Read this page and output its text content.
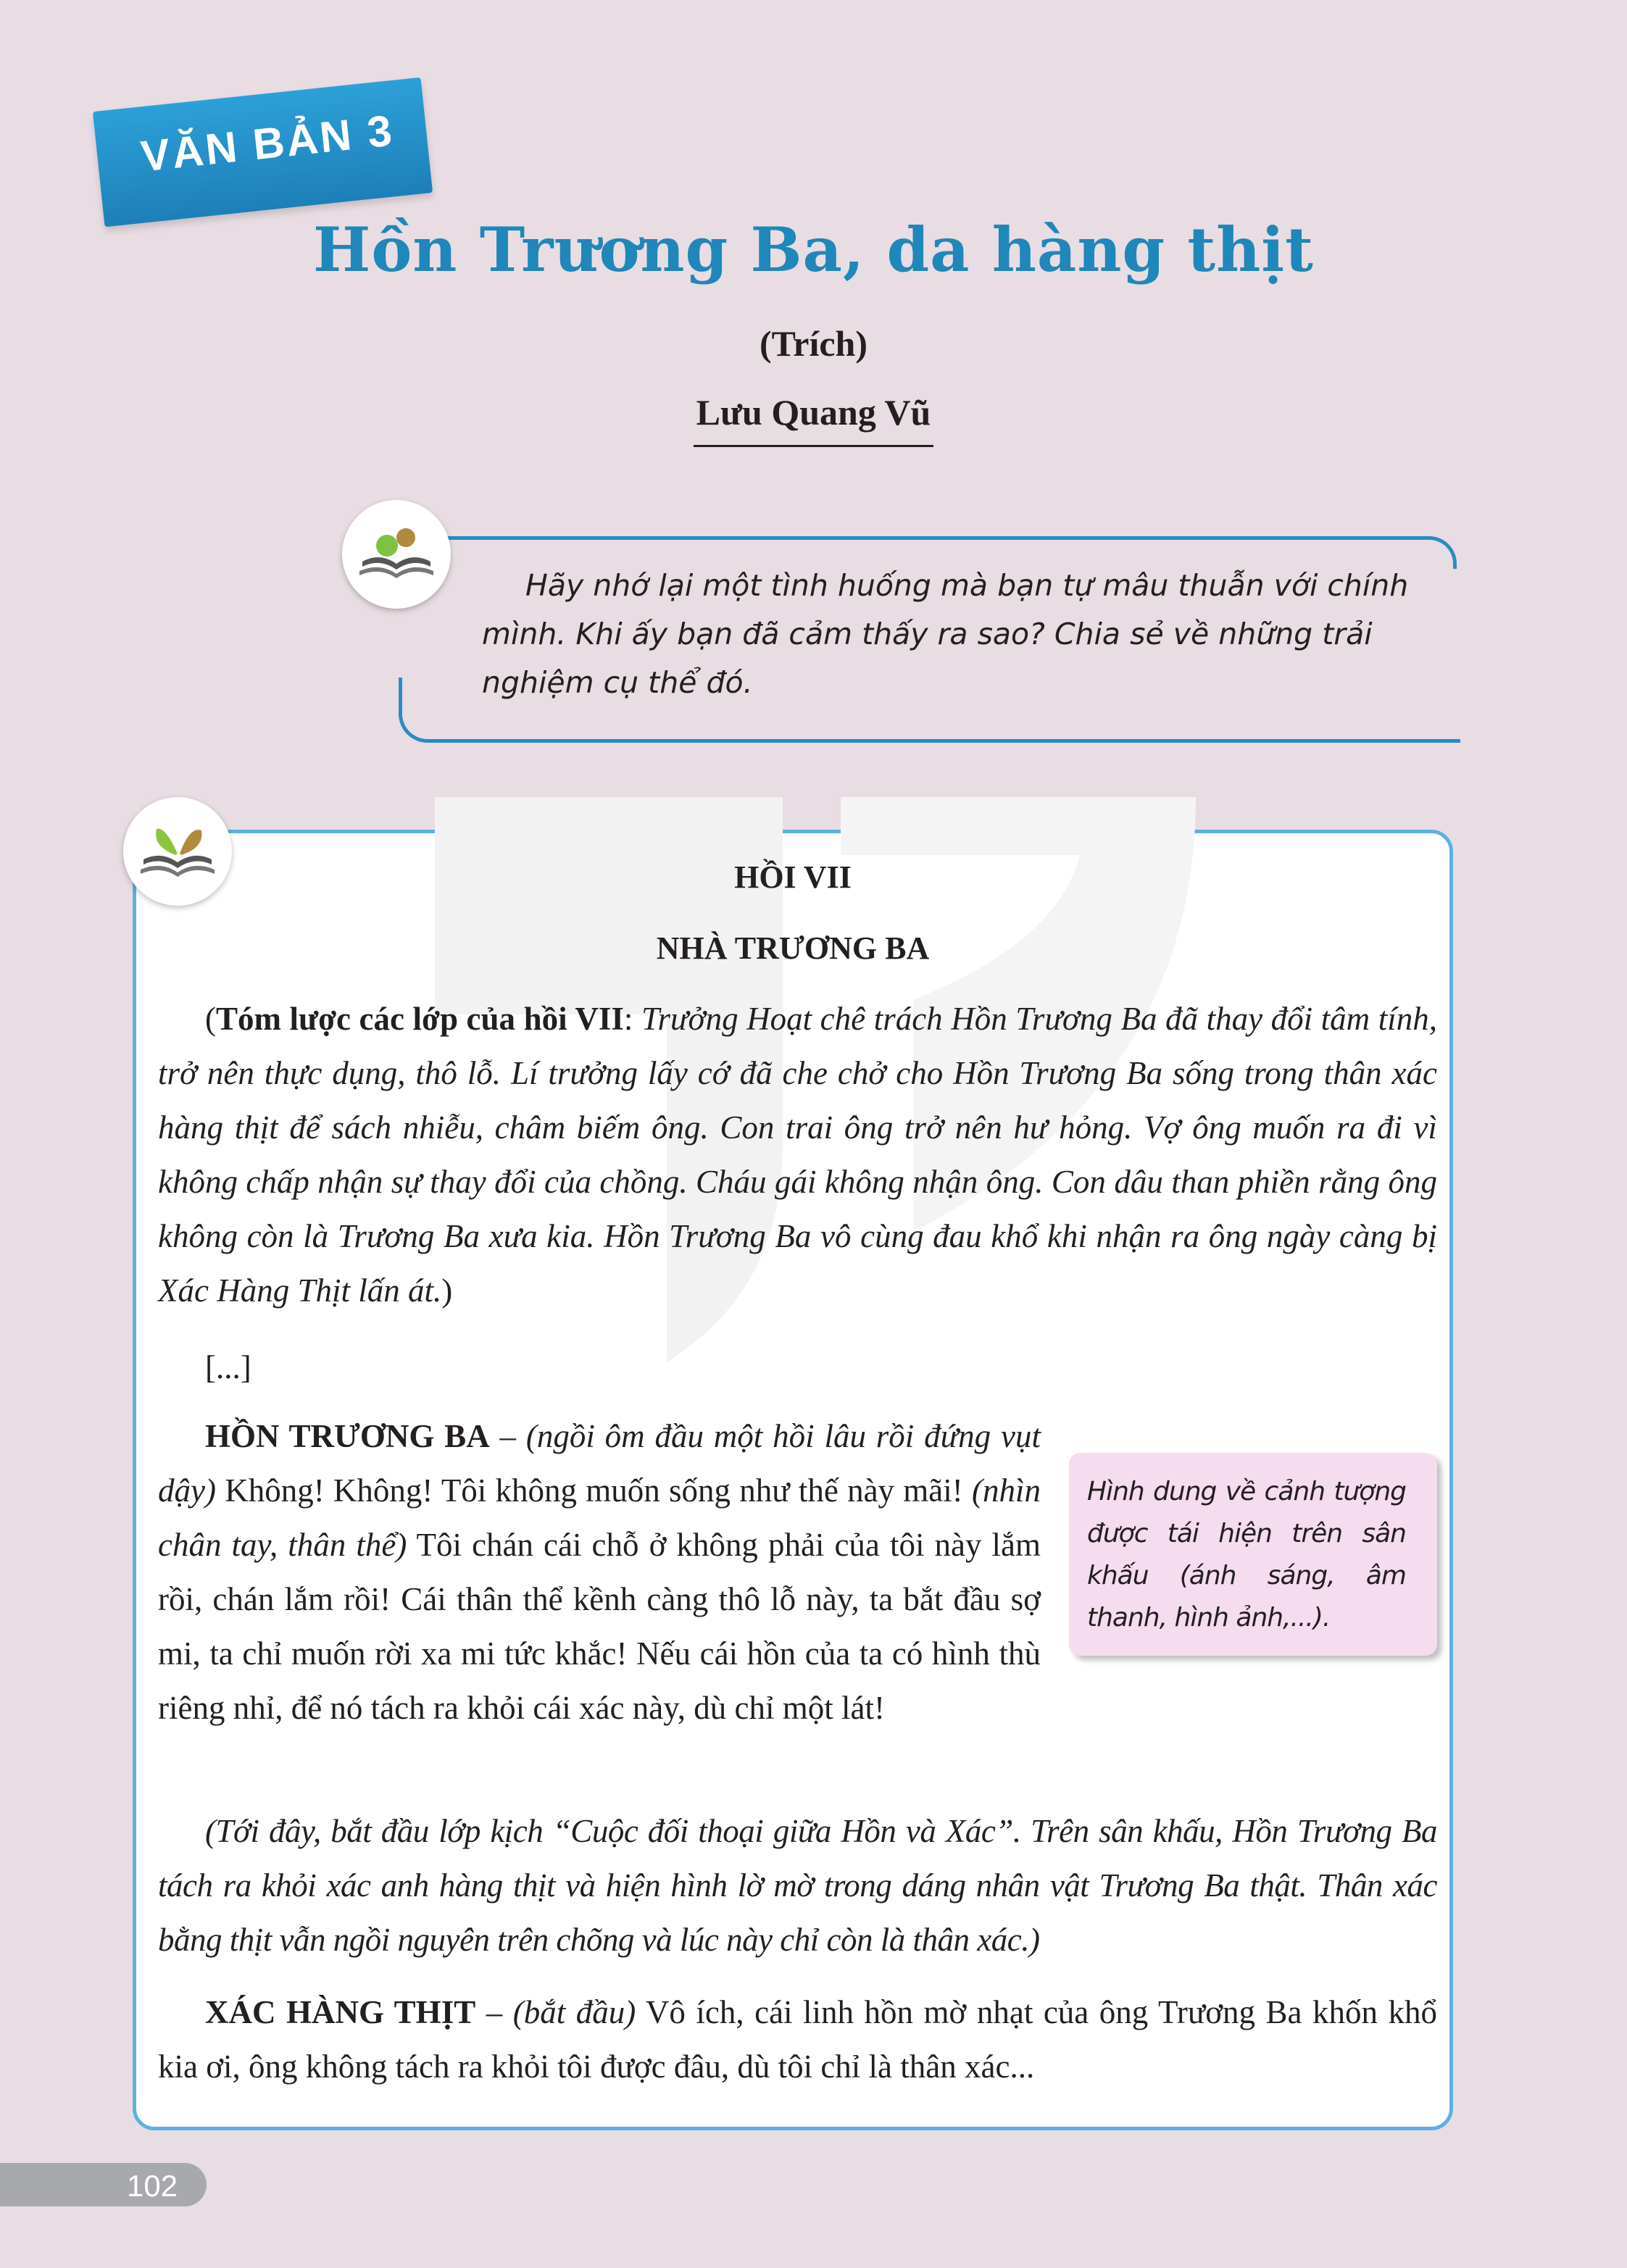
VĂN BẢN 3
Hồn Trương Ba, da hàng thịt
(Trích)
Lưu Quang Vũ

Hãy nhớ lại một tình huống mà bạn tự mâu thuẫn với chính mình. Khi ấy bạn đã cảm thấy ra sao? Chia sẻ về những trải nghiệm cụ thể đó.

HỒI VII
NHÀ TRƯƠNG BA

(Tóm lược các lớp của hồi VII: Trưởng Hoạt chê trách Hồn Trương Ba đã thay đổi tâm tính, trở nên thực dụng, thô lỗ. Lí trưởng lấy cớ đã che chở cho Hồn Trương Ba sống trong thân xác hàng thịt để sách nhiễu, châm biếm ông. Con trai ông trở nên hư hỏng. Vợ ông muốn ra đi vì không chấp nhận sự thay đổi của chồng. Cháu gái không nhận ông. Con dâu than phiền rằng ông không còn là Trương Ba xưa kia. Hồn Trương Ba vô cùng đau khổ khi nhận ra ông ngày càng bị Xác Hàng Thịt lấn át.)

[...]

HỒN TRƯƠNG BA – (ngồi ôm đầu một hồi lâu rồi đứng vụt dậy) Không! Không! Tôi không muốn sống như thế này mãi! (nhìn chân tay, thân thể) Tôi chán cái chỗ ở không phải của tôi này lắm rồi, chán lắm rồi! Cái thân thể kềnh càng thô lỗ này, ta bắt đầu sợ mi, ta chỉ muốn rời xa mi tức khắc! Nếu cái hồn của ta có hình thù riêng nhỉ, để nó tách ra khỏi cái xác này, dù chỉ một lát!

(Tới đây, bắt đầu lớp kịch “Cuộc đối thoại giữa Hồn và Xác”. Trên sân khấu, Hồn Trương Ba tách ra khỏi xác anh hàng thịt và hiện hình lờ mờ trong dáng nhân vật Trương Ba thật. Thân xác bằng thịt vẫn ngồi nguyên trên chõng và lúc này chỉ còn là thân xác.)

XÁC HÀNG THỊT – (bắt đầu) Vô ích, cái linh hồn mờ nhạt của ông Trương Ba khốn khổ kia ơi, ông không tách ra khỏi tôi được đâu, dù tôi chỉ là thân xác...

Hình dung về cảnh tượng được tái hiện trên sân khấu (ánh sáng, âm thanh, hình ảnh,...).

102
